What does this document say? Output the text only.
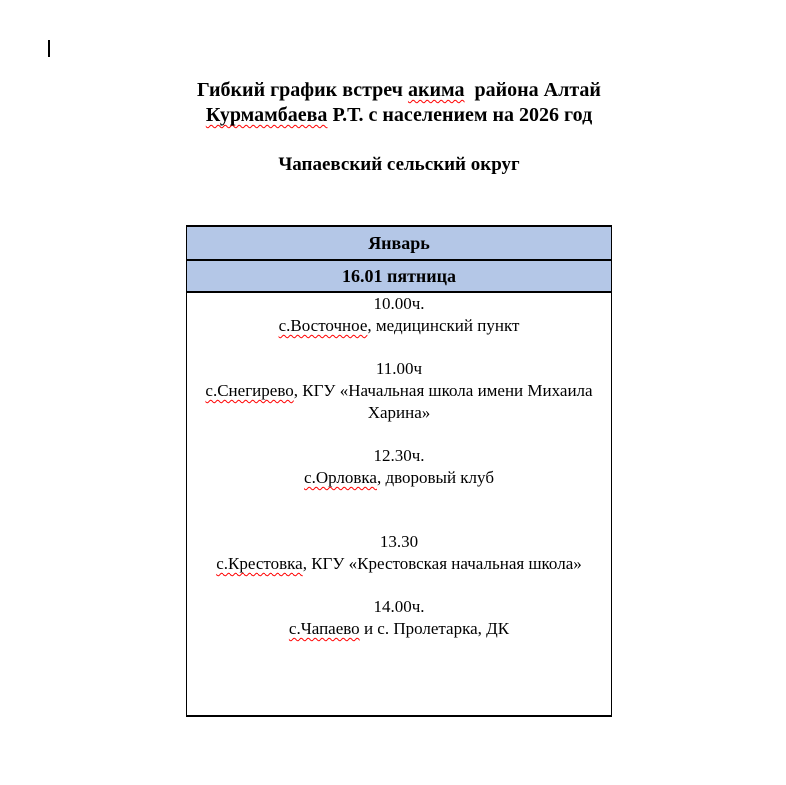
Гибкий график встреч акима  района Алтай
Курмамбаева Р.Т. с населением на 2026 год
Чапаевский сельский округ
Январь
16.01 пятница

10.00ч.
с.Восточное, медицинский пункт
11.00ч
с.Снегирево, КГУ «Начальная школа имени Михаила Харина»
12.30ч.
с.Орловка, дворовый клуб
13.30
с.Крестовка, КГУ «Крестовская начальная школа»
14.00ч.
с.Чапаево и с. Пролетарка, ДК
